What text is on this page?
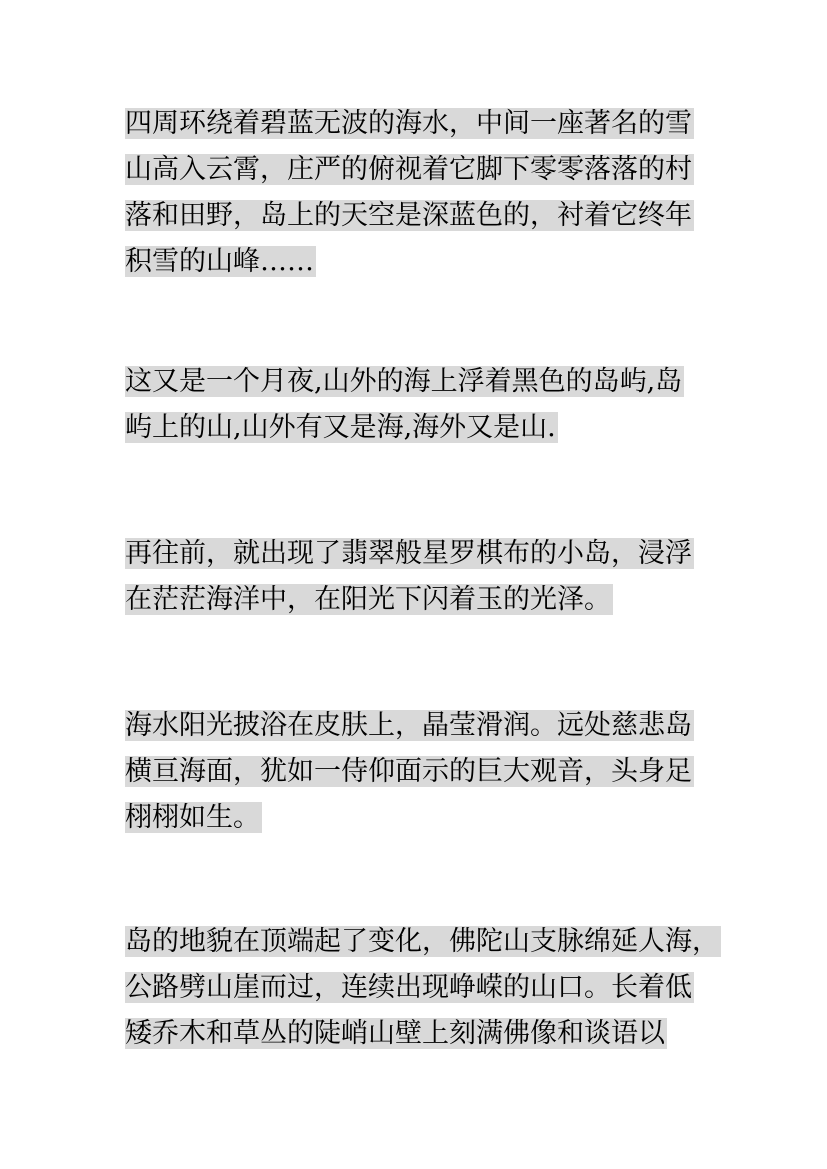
四周环绕着碧蓝无波的海水，中间一座著名的雪
山高入云霄，庄严的俯视着它脚下零零落落的村
落和田野，岛上的天空是深蓝色的，衬着它终年
积雪的山峰……
这又是一个月夜,山外的海上浮着黑色的岛屿,岛
屿上的山,山外有又是海,海外又是山.
再往前，就出现了翡翠般星罗棋布的小岛，浸浮
在茫茫海洋中，在阳光下闪着玉的光泽。
海水阳光披浴在皮肤上，晶莹滑润。远处慈悲岛
横亘海面，犹如一侍仰面示的巨大观音，头身足
栩栩如生。
岛的地貌在顶端起了变化，佛陀山支脉绵延人海，
公路劈山崖而过，连续出现峥嵘的山口。长着低
矮乔木和草丛的陡峭山壁上刻满佛像和谈语以
